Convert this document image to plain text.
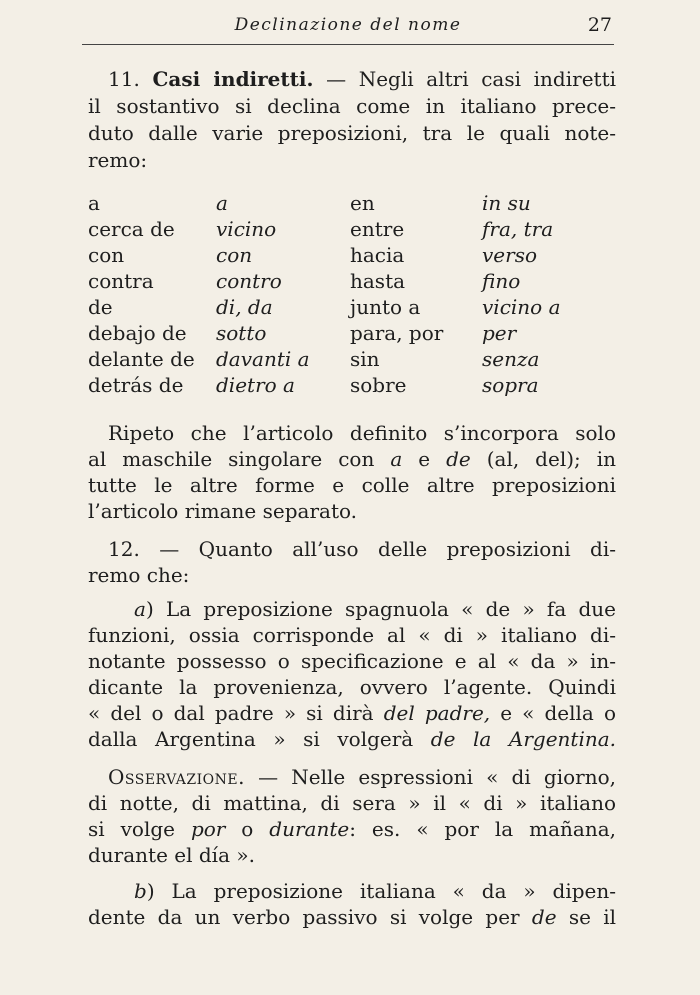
Declinazione del nome	27
11. Casi indiretti. — Negli altri casi indiretti
il sostantivo si declina come in italiano prece-
duto dalle varie preposizioni, tra le quali note-
remo:
a
cerca de
con
contra
de
debajo de
delante de
detrás de
a
vicino
con
contro
di, da
sotto
davanti a
dietro a
en
entre
hacia
hasta
junto a
para, por
sin
sobre
in su
fra, tra
verso
fino
vicino a
per
senza
sopra
Ripeto che l’articolo definito s’incorpora solo
al maschile singolare con a e de (al, del); in
tutte le altre forme e colle altre preposizioni
l’articolo rimane separato.
12. — Quanto all’uso delle preposizioni di-
remo che:
a) La preposizione spagnuola « de » fa due
funzioni, ossia corrisponde al « di » italiano di-
notante possesso o specificazione e al « da » in-
dicante la provenienza, ovvero l’agente. Quindi
« del o dal padre » si dirà del padre, e « della o
dalla Argentina » si volgerà de la Argentina.
Osservazione. — Nelle espressioni « di giorno,
di notte, di mattina, di sera » il « di » italiano
si volge por o durante: es. « por la mañana,
durante el día ».
b) La preposizione italiana « da » dipen-
dente da un verbo passivo si volge per de se il
